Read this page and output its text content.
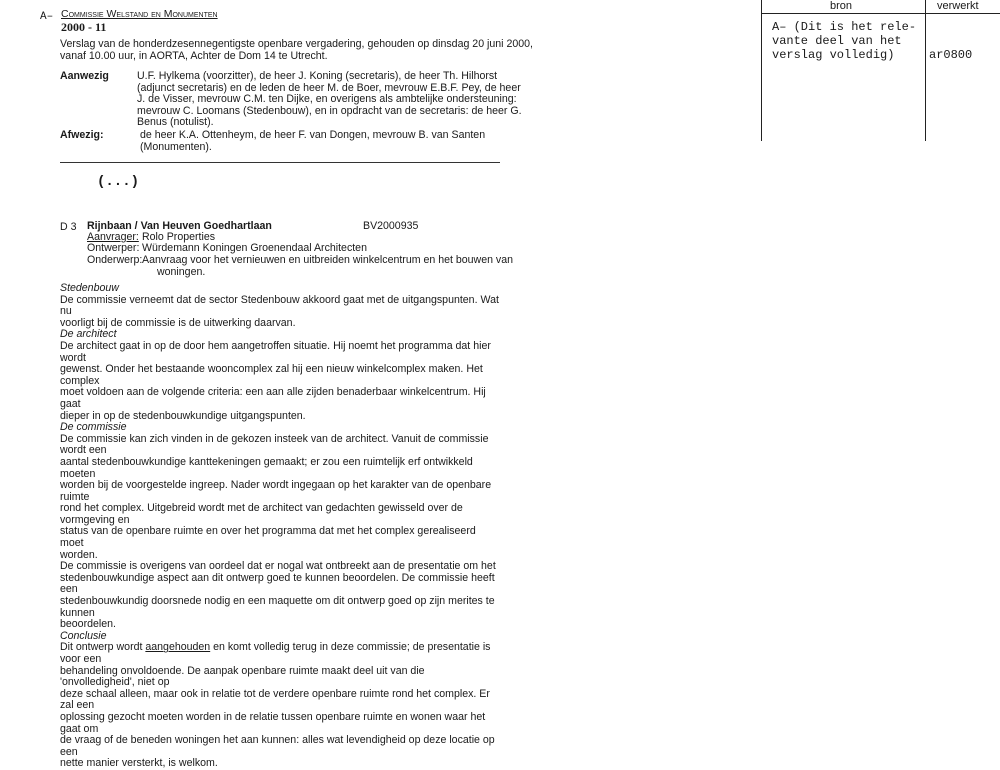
A– Commissie Welstand en Monumenten
2000 - 11
Verslag van de honderdzesennegentigste openbare vergadering, gehouden op dinsdag 20 juni 2000,
vanaf 10.00 uur, in AORTA, Achter de Dom 14 te Utrecht.
Aanwezig	U.F. Hylkema (voorzitter), de heer J. Koning (secretaris), de heer Th. Hilhorst
(adjunct secretaris) en de leden de heer M. de Boer, mevrouw E.B.F. Pey, de heer
J. de Visser, mevrouw C.M. ten Dijke, en overigens als ambtelijke ondersteuning:
mevrouw C. Loomans (Stedenbouw), en in opdracht van de secretaris: de heer G.
Benus (notulist).
Afwezig:	de heer K.A. Ottenheym, de heer F. van Dongen, mevrouw B. van Santen
(Monumenten).
(...)
D 3 Rijnbaan / Van Heuven Goedhartlaan	BV2000935
Aanvrager: Rolo Properties
Ontwerper: Würdemann Koningen Groenendaal Architecten
Onderwerp: Aanvraag voor het vernieuwen en uitbreiden winkelcentrum en het bouwen van
woningen.
Stedenbouw
De commissie verneemt dat de sector Stedenbouw akkoord gaat met de uitgangspunten. Wat nu
voorligt bij de commissie is de uitwerking daarvan.
De architect
De architect gaat in op de door hem aangetroffen situatie. Hij noemt het programma dat hier wordt
gewenst. Onder het bestaande wooncomplex zal hij een nieuw winkelcomplex maken. Het complex
moet voldoen aan de volgende criteria: een aan alle zijden benaderbaar winkelcentrum. Hij gaat
dieper in op de stedenbouwkundige uitgangspunten.
De commissie
De commissie kan zich vinden in de gekozen insteek van de architect. Vanuit de commissie wordt een
aantal stedenbouwkundige kanttekeningen gemaakt; er zou een ruimtelijk erf ontwikkeld moeten
worden bij de voorgestelde ingreep. Nader wordt ingegaan op het karakter van de openbare ruimte
rond het complex. Uitgebreid wordt met de architect van gedachten gewisseld over de vormgeving en
status van de openbare ruimte en over het programma dat met het complex gerealiseerd moet
worden.
De commissie is overigens van oordeel dat er nogal wat ontbreekt aan de presentatie om het
stedenbouwkundige aspect aan dit ontwerp goed te kunnen beoordelen. De commissie heeft een
stedenbouwkundig doorsnede nodig en een maquette om dit ontwerp goed op zijn merites te kunnen
beoordelen.
Conclusie
Dit ontwerp wordt aangehouden en komt volledig terug in deze commissie; de presentatie is voor een
behandeling onvoldoende. De aanpak openbare ruimte maakt deel uit van die 'onvolledigheid', niet op
deze schaal alleen, maar ook in relatie tot de verdere openbare ruimte rond het complex. Er zal een
oplossing gezocht moeten worden in de relatie tussen openbare ruimte en wonen waar het gaat om
de vraag of de beneden woningen het aan kunnen: alles wat levendigheid op deze locatie op een
nette manier versterkt, is welkom.
bron	verwerkt
A– (Dit is het rele-
vante deel van het
verslag volledig)	ar0800
